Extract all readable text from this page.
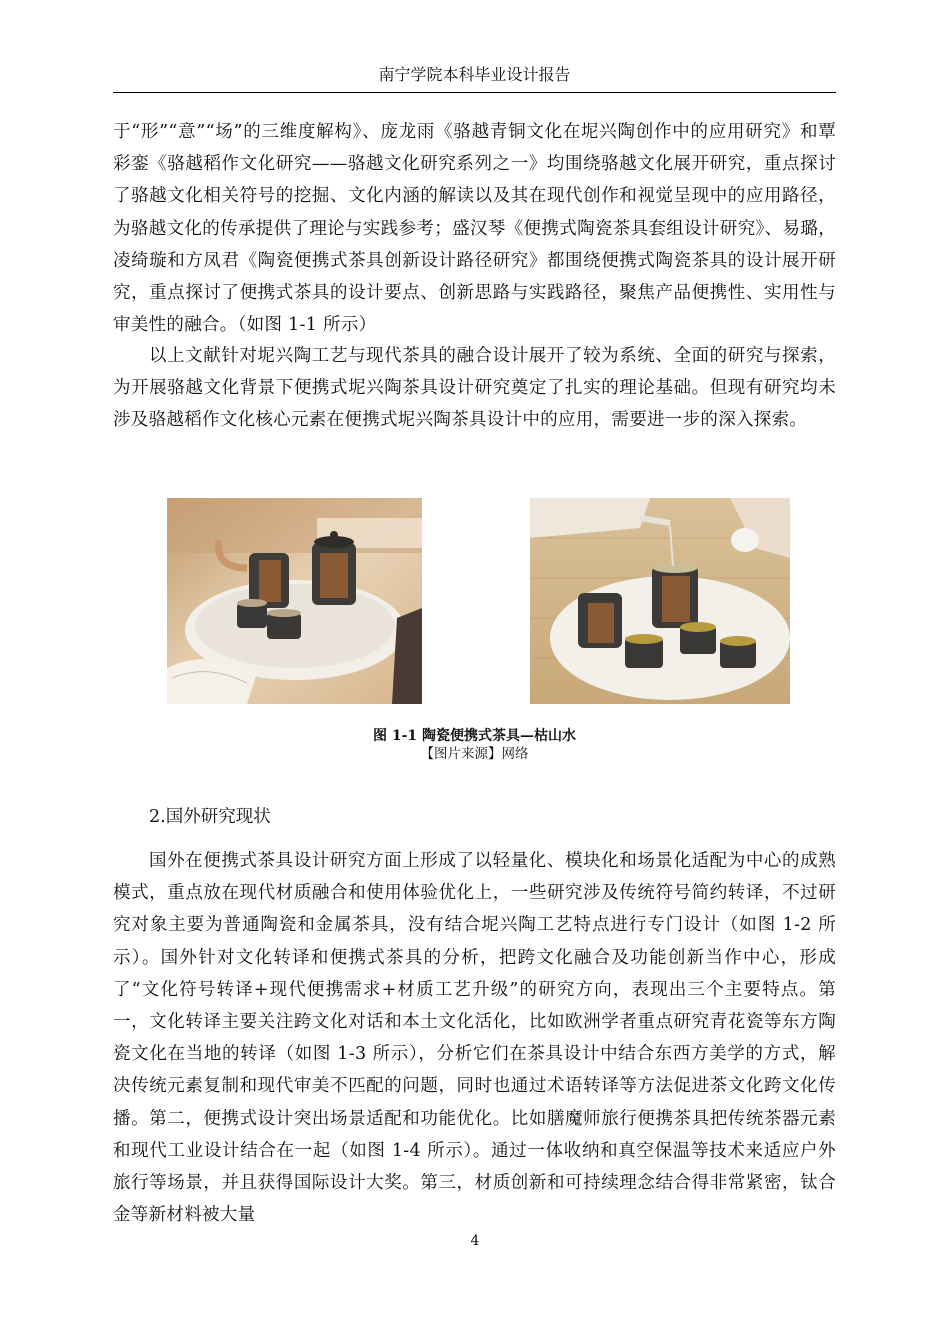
南宁学院本科毕业设计报告

于“形”“意”“场”的三维度解构》、庞龙雨《骆越青铜文化在坭兴陶创作中的应用研究》和覃彩銮《骆越稻作文化研究——骆越文化研究系列之一》均围绕骆越文化展开研究，重点探讨了骆越文化相关符号的挖掘、文化内涵的解读以及其在现代创作和视觉呈现中的应用路径，为骆越文化的传承提供了理论与实践参考；盛汉琴《便携式陶瓷茶具套组设计研究》、易璐，凌绮璇和方凤君《陶瓷便携式茶具创新设计路径研究》都围绕便携式陶瓷茶具的设计展开研究，重点探讨了便携式茶具的设计要点、创新思路与实践路径，聚焦产品便携性、实用性与审美性的融合。（如图 1-1 所示）

以上文献针对坭兴陶工艺与现代茶具的融合设计展开了较为系统、全面的研究与探索，为开展骆越文化背景下便携式坭兴陶茶具设计研究奠定了扎实的理论基础。但现有研究均未涉及骆越稻作文化核心元素在便携式坭兴陶茶具设计中的应用，需要进一步的深入探索。

图 1-1 陶瓷便携式茶具—枯山水
【图片来源】网络
2.国外研究现状

国外在便携式茶具设计研究方面上形成了以轻量化、模块化和场景化适配为中心的成熟模式，重点放在现代材质融合和使用体验优化上，一些研究涉及传统符号简约转译，不过研究对象主要为普通陶瓷和金属茶具，没有结合坭兴陶工艺特点进行专门设计（如图 1-2 所示）。国外针对文化转译和便携式茶具的分析，把跨文化融合及功能创新当作中心，形成了“文化符号转译+现代便携需求+材质工艺升级”的研究方向，表现出三个主要特点。第一，文化转译主要关注跨文化对话和本土文化活化，比如欧洲学者重点研究青花瓷等东方陶瓷文化在当地的转译（如图 1-3 所示），分析它们在茶具设计中结合东西方美学的方式，解决传统元素复制和现代审美不匹配的问题，同时也通过术语转译等方法促进茶文化跨文化传播。第二，便携式设计突出场景适配和功能优化。比如膳魔师旅行便携茶具把传统茶器元素和现代工业设计结合在一起（如图 1-4 所示）。通过一体收纳和真空保温等技术来适应户外旅行等场景，并且获得国际设计大奖。第三，材质创新和可持续理念结合得非常紧密，钛合金等新材料被大量

4
